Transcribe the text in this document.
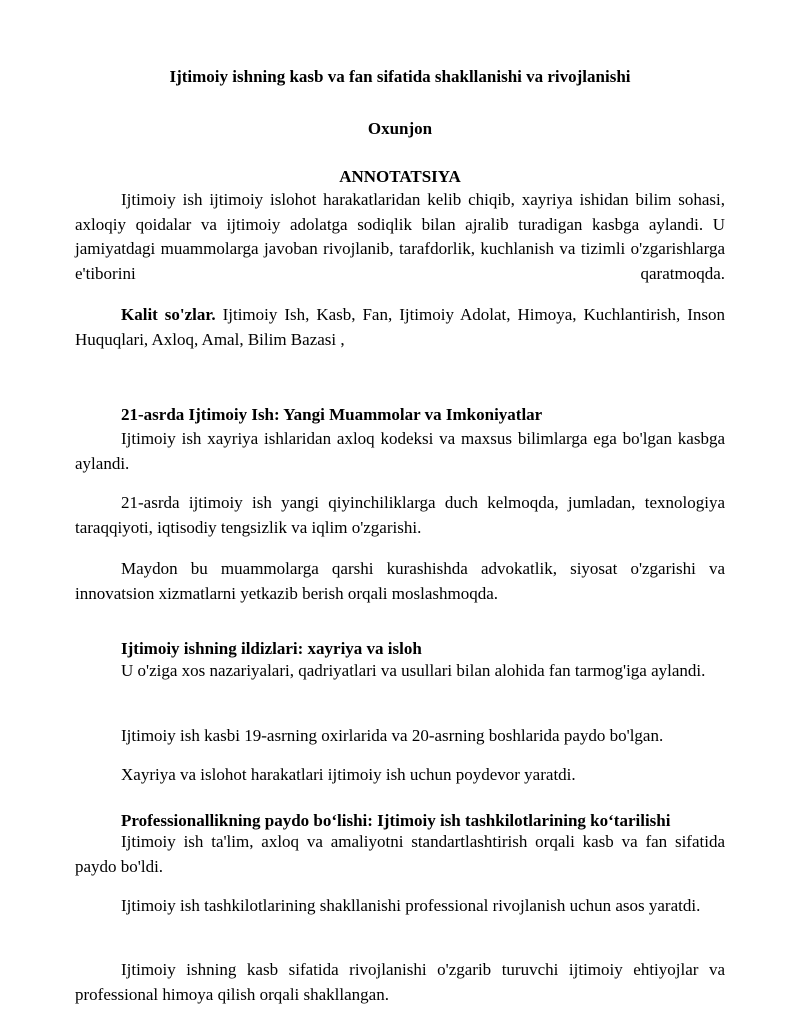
Ijtimoiy ishning kasb va fan sifatida shakllanishi va rivojlanishi
Oxunjon
ANNOTATSIYA
Ijtimoiy ish ijtimoiy islohot harakatlaridan kelib chiqib, xayriya ishidan bilim sohasi, axloqiy qoidalar va ijtimoiy adolatga sodiqlik bilan ajralib turadigan kasbga aylandi. U jamiyatdagi muammolarga javoban rivojlanib, tarafdorlik, kuchlanish va tizimli o'zgarishlarga e'tiborini qaratmoqda.
Kalit so'zlar. Ijtimoiy Ish, Kasb, Fan, Ijtimoiy Adolat, Himoya, Kuchlantirish, Inson Huquqlari, Axloq, Amal, Bilim Bazasi ,
21-asrda Ijtimoiy Ish: Yangi Muammolar va Imkoniyatlar
Ijtimoiy ish xayriya ishlaridan axloq kodeksi va maxsus bilimlarga ega bo'lgan kasbga aylandi.
21-asrda ijtimoiy ish yangi qiyinchiliklarga duch kelmoqda, jumladan, texnologiya taraqqiyoti, iqtisodiy tengsizlik va iqlim o'zgarishi.
Maydon bu muammolarga qarshi kurashishda advokatlik, siyosat o'zgarishi va innovatsion xizmatlarni yetkazib berish orqali moslashmoqda.
Ijtimoiy ishning ildizlari: xayriya va isloh
U o'ziga xos nazariyalari, qadriyatlari va usullari bilan alohida fan tarmog'iga aylandi.
Ijtimoiy ish kasbi 19-asrning oxirlarida va 20-asrning boshlarida paydo bo'lgan.
Xayriya va islohot harakatlari ijtimoiy ish uchun poydevor yaratdi.
Professionallikning paydo bo‘lishi: Ijtimoiy ish tashkilotlarining ko‘tarilishi
Ijtimoiy ish ta'lim, axloq va amaliyotni standartlashtirish orqali kasb va fan sifatida paydo bo'ldi.
Ijtimoiy ish tashkilotlarining shakllanishi professional rivojlanish uchun asos yaratdi.
Ijtimoiy ishning kasb sifatida rivojlanishi o'zgarib turuvchi ijtimoiy ehtiyojlar va professional himoya qilish orqali shakllangan.
